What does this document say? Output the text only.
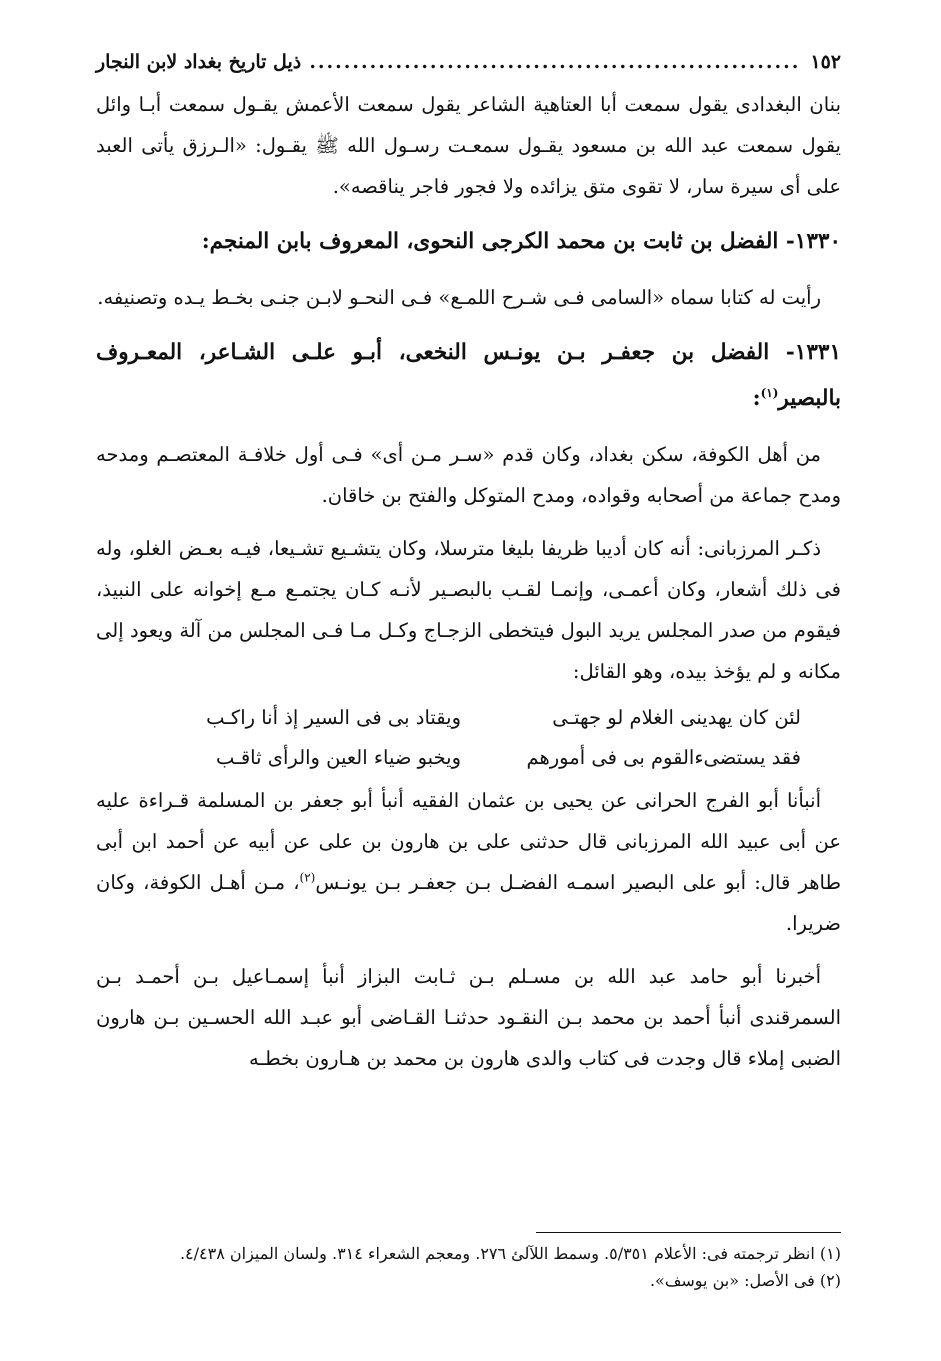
١٥٢
.....
ذيل تاريخ بغداد لابن النجار

بنان البغدادى يقول سمعت أبا العتاهية الشاعر يقول سمعت الأعمش يقـول سمعت أبـا وائل يقول سمعت عبد الله بن مسعود يقـول سمعـت رسـول الله ﷺ يقـول: «الـرزق يأتى العبد على أى سيرة سار، لا تقوى متق يزائده ولا فجور فاجر يناقصه».

١٣٣٠- الفضل بن ثابت بن محمد الكرجى النحوى، المعروف بابن المنجم:

رأيت له كتابا سماه «السامى فـى شـرح اللمـع» فـى النحـو لابـن جنـى بخـط يـده وتصنيفه.

١٣٣١- الفضل بن جعفـر بـن يونـس النخعى، أبـو علـى الشـاعر، المعـروف بالبصير$^{(١)}$:

من أهل الكوفة، سكن بغداد، وكان قدم «سـر مـن أى» فـى أول خلافـة المعتصـم ومدحه ومدح جماعة من أصحابه وقواده، ومدح المتوكل والفتح بن خاقان.

ذكـر المرزبانى: أنه كان أديبا ظريفا بليغا مترسلا، وكان يتشـيع تشـيعا، فيـه بعـض الغلو، وله فى ذلك أشعار، وكان أعمـى، وإنمـا لقـب بالبصـير لأنـه كـان يجتمـع مـع إخوانه على النبيذ، فيقوم من صدر المجلس يريد البول فيتخطى الزجـاج وكـل مـا فـى المجلس من آلة ويعود إلى مكانه و لم يؤخذ بيده، وهو القائل:

لئن كان يهدينى الغلام لو جهتـى
ويقتاد بى فى السير إذ أنا راكـب
فقد يستضىءالقوم بى فى أمورهم
ويخبو ضياء العين والرأى ثاقـب

أنبأنا أبو الفرج الحرانى عن يحيى بن عثمان الفقيه أنبأ أبو جعفر بن المسلمة قـراءة عليه عن أبى عبيد الله المرزبانى قال حدثنى على بن هارون بن على عن أبيه عن أحمد ابن أبى طاهر قال: أبو على البصير اسمـه الفضـل بـن جعفـر بـن يونـس$^{(٢)}$، مـن أهـل الكوفة، وكان ضريرا.

أخبرنا أبو حامد عبد الله بن مسـلم بـن ثـابت البزاز أنبأ إسمـاعيل بـن أحمـد بـن السمرقندى أنبأ أحمد بن محمد بـن النقـود حدثنـا القـاضى أبو عبـد الله الحسـين بـن هارون الضبى إملاء قال وجدت فى كتاب والدى هارون بن محمد بن هـارون بخطـه

(١) انظر ترجمته فى: الأعلام ٥/٣٥١. وسمط اللآلئ ٢٧٦. ومعجم الشعراء ٣١٤. ولسان الميزان ٤/٤٣٨.

(٢) فى الأصل: «بن يوسف».
